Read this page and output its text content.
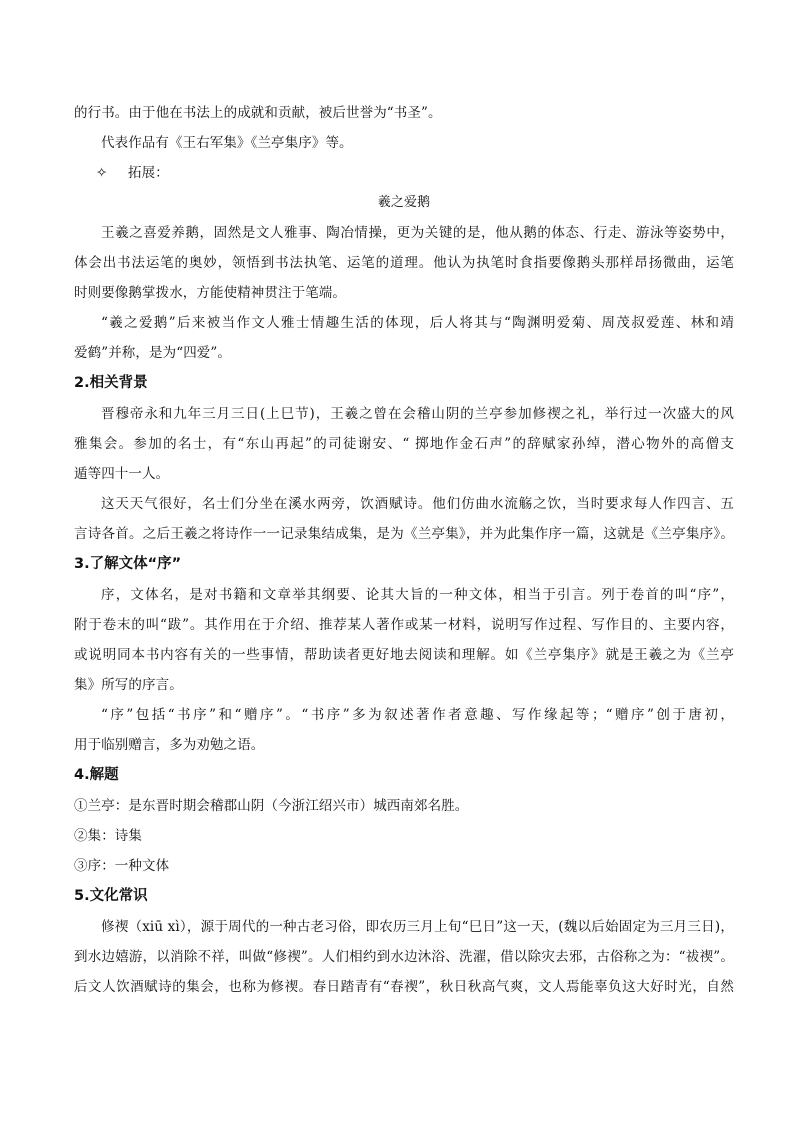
的行书。由于他在书法上的成就和贡献，被后世誉为“书圣”。
代表作品有《王右军集》《兰亭集序》等。
✧ 拓展：
羲之爱鹅
王羲之喜爱养鹅，固然是文人雅事、陶冶情操，更为关键的是，他从鹅的体态、行走、游泳等姿势中，
体会出书法运笔的奥妙，领悟到书法执笔、运笔的道理。他认为执笔时食指要像鹅头那样昂扬微曲，运笔
时则要像鹅掌拨水，方能使精神贯注于笔端。
“羲之爱鹅”后来被当作文人雅士情趣生活的体现，后人将其与“陶渊明爱菊、周茂叔爱莲、林和靖
爱鹤”并称，是为“四爱”。
2.相关背景
晋穆帝永和九年三月三日(上巳节)，王羲之曾在会稽山阴的兰亭参加修禊之礼，举行过一次盛大的风
雅集会。参加的名士，有“东山再起”的司徒谢安、“ 掷地作金石声”的辞赋家孙绰，潜心物外的高僧支
遁等四十一人。
这天天气很好，名士们分坐在溪水两旁，饮酒赋诗。他们仿曲水流觞之饮，当时要求每人作四言、五
言诗各首。之后王羲之将诗作一一记录集结成集，是为《兰亭集》，并为此集作序一篇，这就是《兰亭集序》。
3.了解文体“序”
序，文体名，是对书籍和文章举其纲要、论其大旨的一种文体，相当于引言。列于卷首的叫“序”，
附于卷末的叫“跋”。其作用在于介绍、推荐某人著作或某一材料，说明写作过程、写作目的、主要内容，
或说明同本书内容有关的一些事情，帮助读者更好地去阅读和理解。如《兰亭集序》就是王羲之为《兰亭
集》所写的序言。
“序”包括“书序”和“赠序”。“书序”多为叙述著作者意趣、写作缘起等；“赠序”创于唐初，
用于临别赠言，多为劝勉之语。
4.解题
①兰亭：是东晋时期会稽郡山阴（今浙江绍兴市）城西南郊名胜。
②集：诗集
③序：一种文体
5.文化常识
修禊（xiū xì），源于周代的一种古老习俗，即农历三月上旬“巳日”这一天，(魏以后始固定为三月三日)，
到水边嬉游，以消除不祥，叫做“修禊”。人们相约到水边沐浴、洗濯，借以除灾去邪，古俗称之为：“祓禊”。
后文人饮酒赋诗的集会，也称为修禊。春日踏青有“春禊”，秋日秋高气爽，文人焉能辜负这大好时光，自然
